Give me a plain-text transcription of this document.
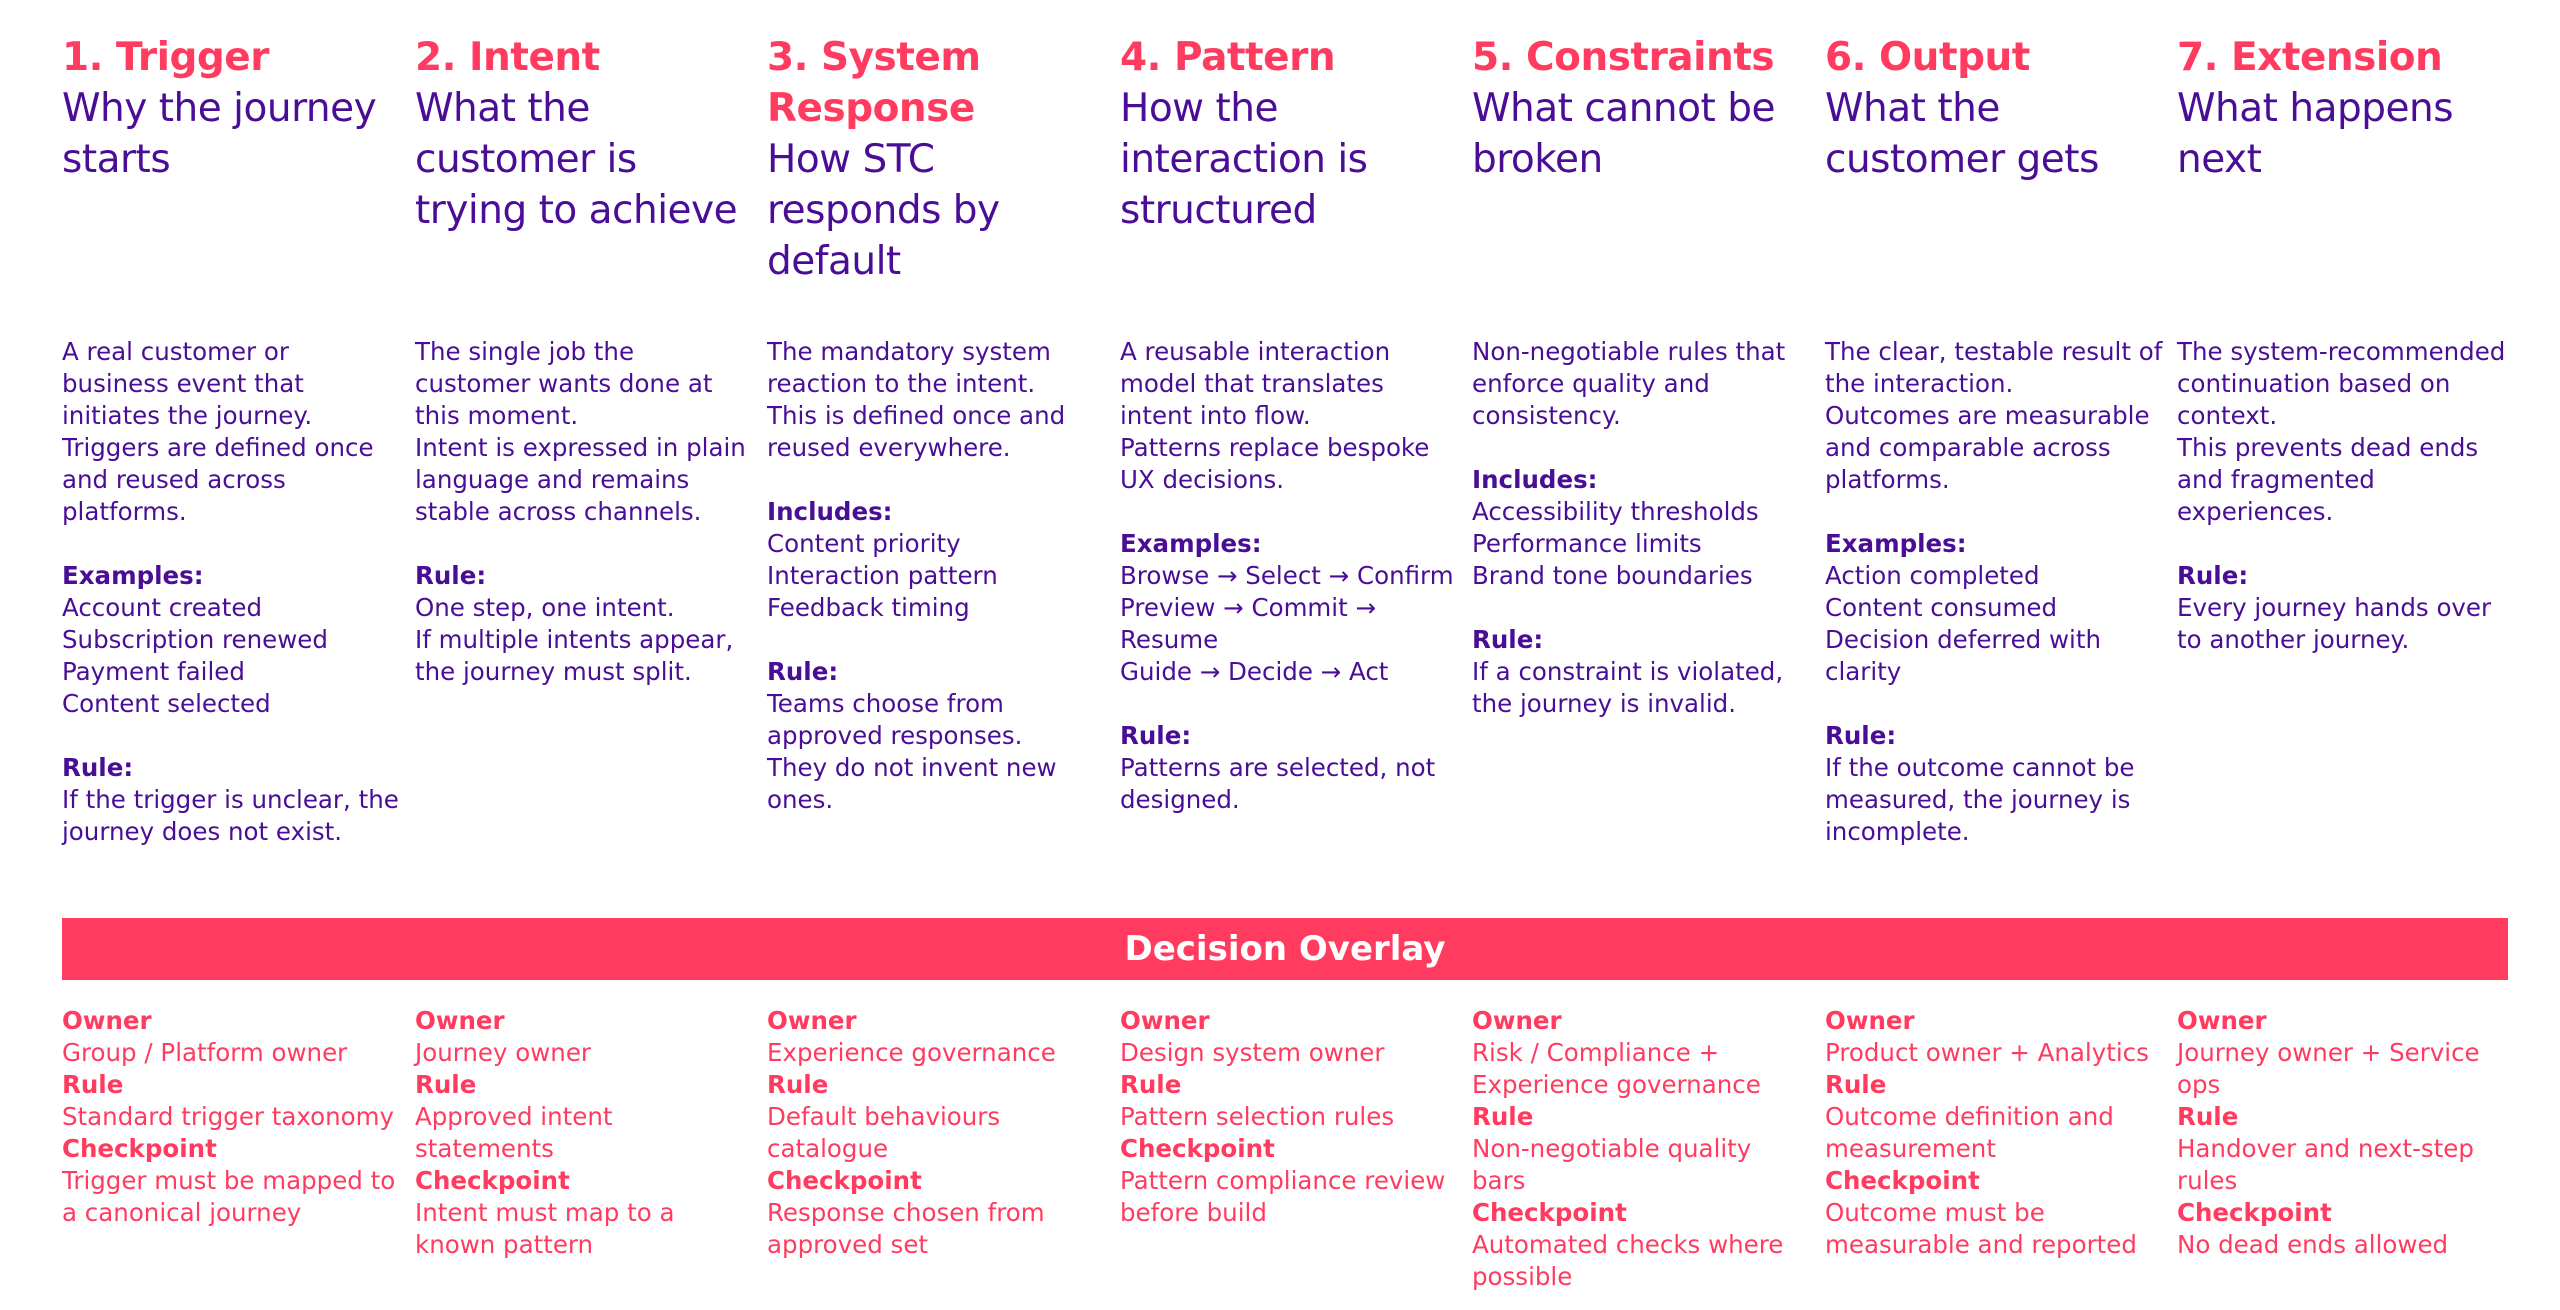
1. Trigger
Why the journey starts
2. Intent
What the customer is trying to achieve
3. System Response
How STC responds by default
4. Pattern
How the interaction is structured
5. Constraints
What cannot be broken
6. Output
What the customer gets
7. Extension
What happens next
A real customer or business event that initiates the journey.
Triggers are defined once and reused across platforms.
Examples:
Account created
Subscription renewed
Payment failed
Content selected
Rule:
If the trigger is unclear, the journey does not exist.
The single job the customer wants done at this moment.
Intent is expressed in plain language and remains stable across channels.
Rule:
One step, one intent.
If multiple intents appear, the journey must split.
The mandatory system reaction to the intent.
This is defined once and reused everywhere.
Includes:
Content priority
Interaction pattern
Feedback timing
Rule:
Teams choose from approved responses.
They do not invent new ones.
A reusable interaction model that translates intent into flow.
Patterns replace bespoke UX decisions.
Examples:
Browse → Select → Confirm
Preview → Commit → Resume
Guide → Decide → Act
Rule:
Patterns are selected, not designed.
Non-negotiable rules that enforce quality and consistency.
Includes:
Accessibility thresholds
Performance limits
Brand tone boundaries
Rule:
If a constraint is violated, the journey is invalid.
The clear, testable result of the interaction.
Outcomes are measurable and comparable across platforms.
Examples:
Action completed
Content consumed
Decision deferred with clarity
Rule:
If the outcome cannot be measured, the journey is incomplete.
The system-recommended continuation based on context.
This prevents dead ends and fragmented experiences.
Rule:
Every journey hands over to another journey.
Decision Overlay
Owner
Group / Platform owner
Rule
Standard trigger taxonomy
Checkpoint
Trigger must be mapped to a canonical journey
Owner
Journey owner
Rule
Approved intent statements
Checkpoint
Intent must map to a known pattern
Owner
Experience governance
Rule
Default behaviours catalogue
Checkpoint
Response chosen from approved set
Owner
Design system owner
Rule
Pattern selection rules
Checkpoint
Pattern compliance review before build
Owner
Risk / Compliance + Experience governance
Rule
Non-negotiable quality bars
Checkpoint
Automated checks where possible
Owner
Product owner + Analytics
Rule
Outcome definition and measurement
Checkpoint
Outcome must be measurable and reported
Owner
Journey owner + Service ops
Rule
Handover and next-step rules
Checkpoint
No dead ends allowed
